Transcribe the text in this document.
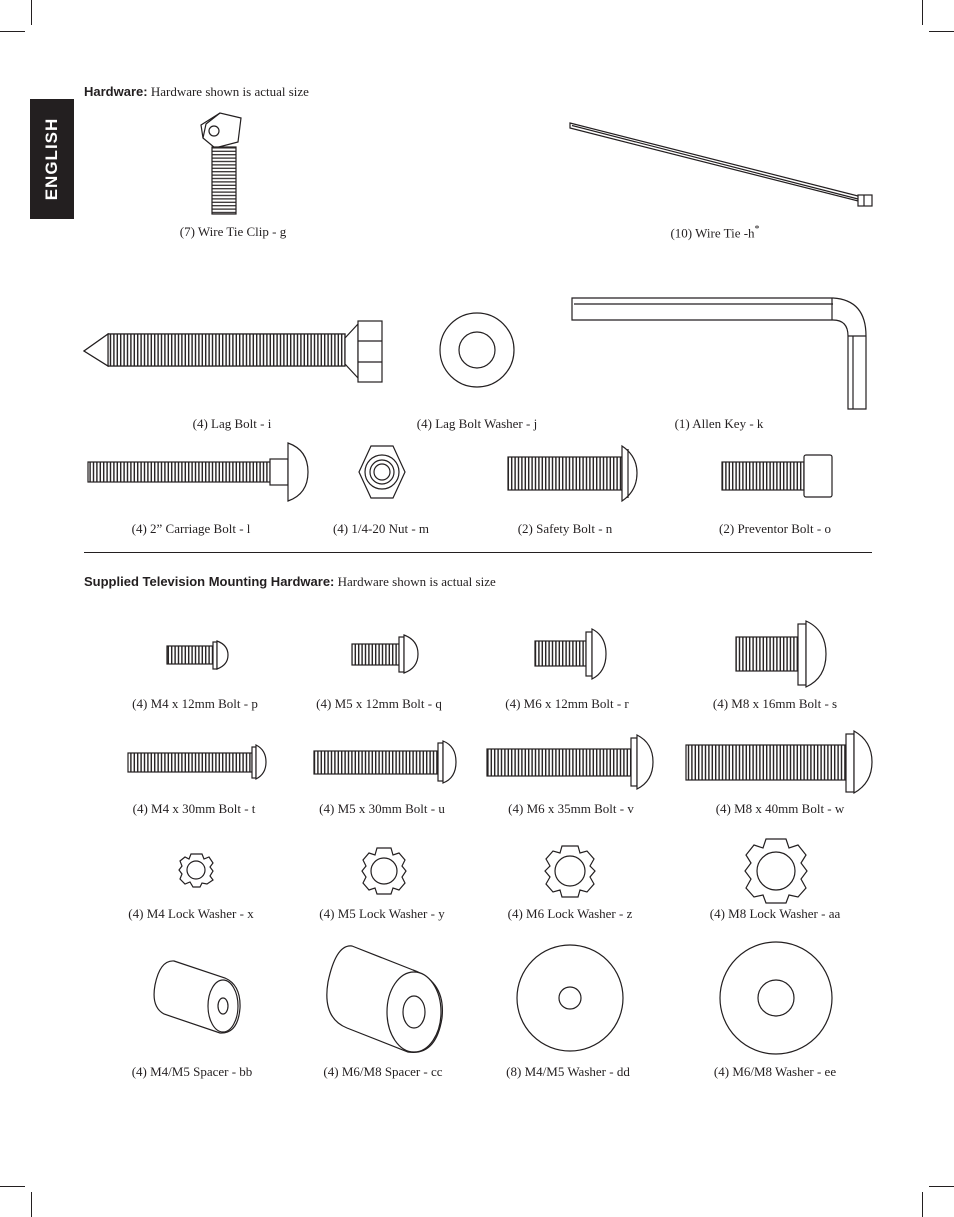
ENGLISH
Hardware: Hardware shown is actual size
Supplied Television Mounting Hardware: Hardware shown is actual size
(7) Wire Tie Clip - g	(10) Wire Tie -h*
(4) Lag Bolt - i	(4) Lag Bolt Washer - j	(1) Allen Key - k
(4) 2” Carriage Bolt - l	(4) 1/4-20 Nut - m	(2) Safety Bolt - n	(2) Preventor Bolt - o
(4) M4 x 12mm Bolt - p	(4) M5 x 12mm Bolt - q	(4) M6 x 12mm Bolt - r	(4) M8 x 16mm Bolt - s
(4) M4 x 30mm Bolt - t	(4) M5 x 30mm Bolt - u	(4) M6 x 35mm Bolt - v	(4) M8 x 40mm Bolt - w
(4) M4 Lock Washer - x	(4) M5 Lock Washer - y	(4) M6 Lock Washer - z	(4) M8 Lock Washer - aa
(4) M4/M5 Spacer - bb	(4) M6/M8 Spacer - cc	(8) M4/M5 Washer - dd	(4) M6/M8 Washer - ee
